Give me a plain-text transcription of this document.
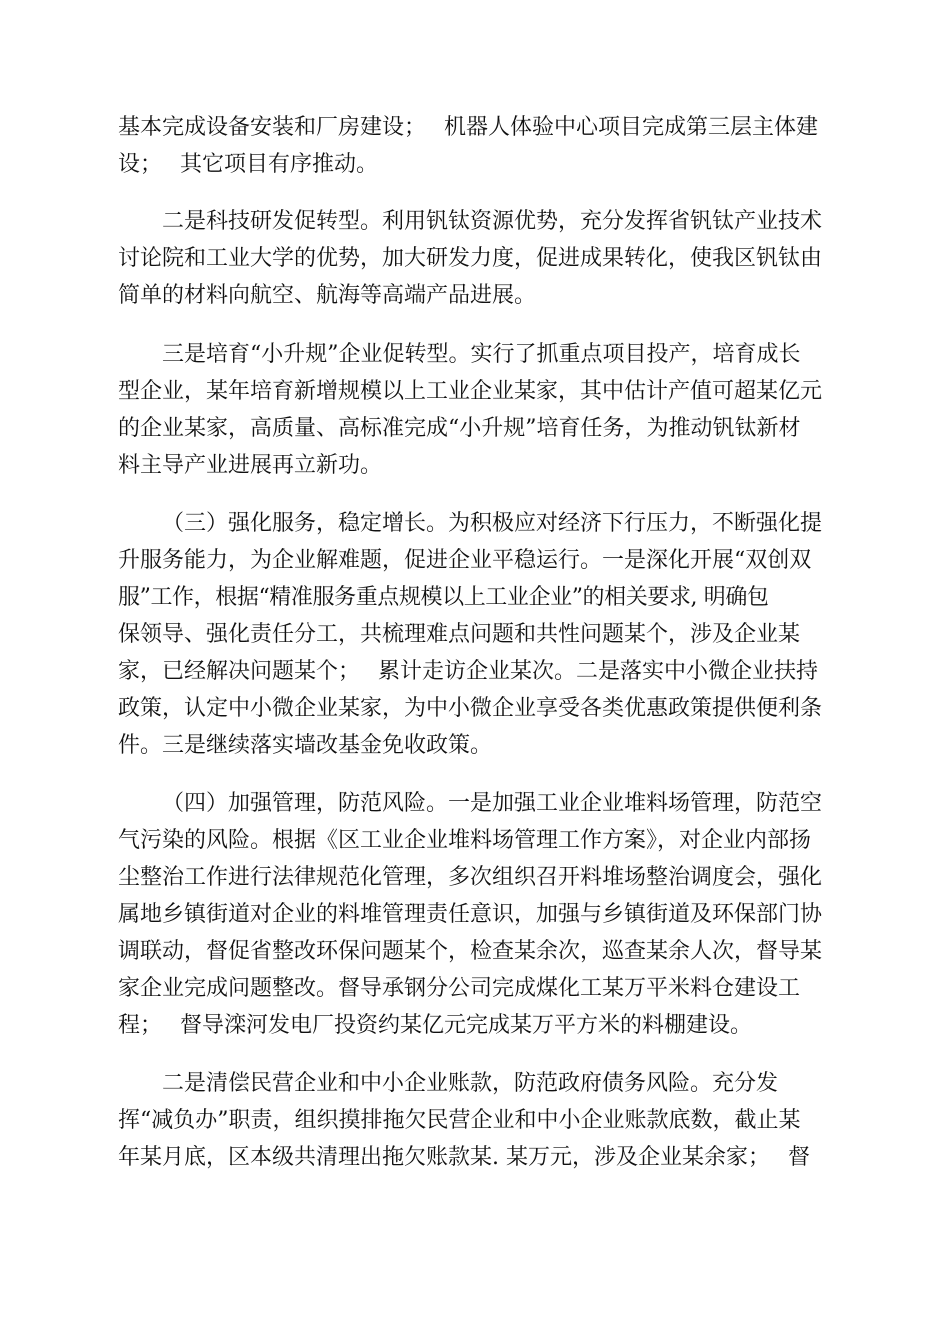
基本完成设备安装和厂房建设；　 机器人体验中心项目完成第三层主体建
设；　 其它项目有序推动。
二是科技研发促转型。利用钒钛资源优势，充分发挥省钒钛产业技术
讨论院和工业大学的优势，加大研发力度，促进成果转化，使我区钒钛由
简单的材料向航空、航海等高端产品进展。
三是培育“小升规”企业促转型。实行了抓重点项目投产，培育成长
型企业，某年培育新增规模以上工业企业某家，其中估计产值可超某亿元
的企业某家，高质量、高标准完成“小升规”培育任务，为推动钒钛新材
料主导产业进展再立新功。
（三）强化服务，稳定增长。为积极应对经济下行压力，不断强化提
升服务能力，为企业解难题，促进企业平稳运行。一是深化开展“双创双
服”工作，根据“精准服务重点规模以上工业企业”的相关要求, 明确包
保领导、强化责任分工，共梳理难点问题和共性问题某个，涉及企业某
家，已经解决问题某个；　 累计走访企业某次。二是落实中小微企业扶持
政策，认定中小微企业某家，为中小微企业享受各类优惠政策提供便利条
件。三是继续落实墙改基金免收政策。
（四）加强管理，防范风险。一是加强工业企业堆料场管理，防范空
气污染的风险。根据《区工业企业堆料场管理工作方案》，对企业内部扬
尘整治工作进行法律规范化管理，多次组织召开料堆场整治调度会，强化
属地乡镇街道对企业的料堆管理责任意识，加强与乡镇街道及环保部门协
调联动，督促省整改环保问题某个，检查某余次，巡查某余人次，督导某
家企业完成问题整改。督导承钢分公司完成煤化工某万平米料仓建设工
程；　 督导滦河发电厂投资约某亿元完成某万平方米的料棚建设。
二是清偿民营企业和中小企业账款，防范政府债务风险。充分发
挥“减负办”职责，组织摸排拖欠民营企业和中小企业账款底数，截止某
年某月底，区本级共清理出拖欠账款某. 某万元，涉及企业某余家；　 督
